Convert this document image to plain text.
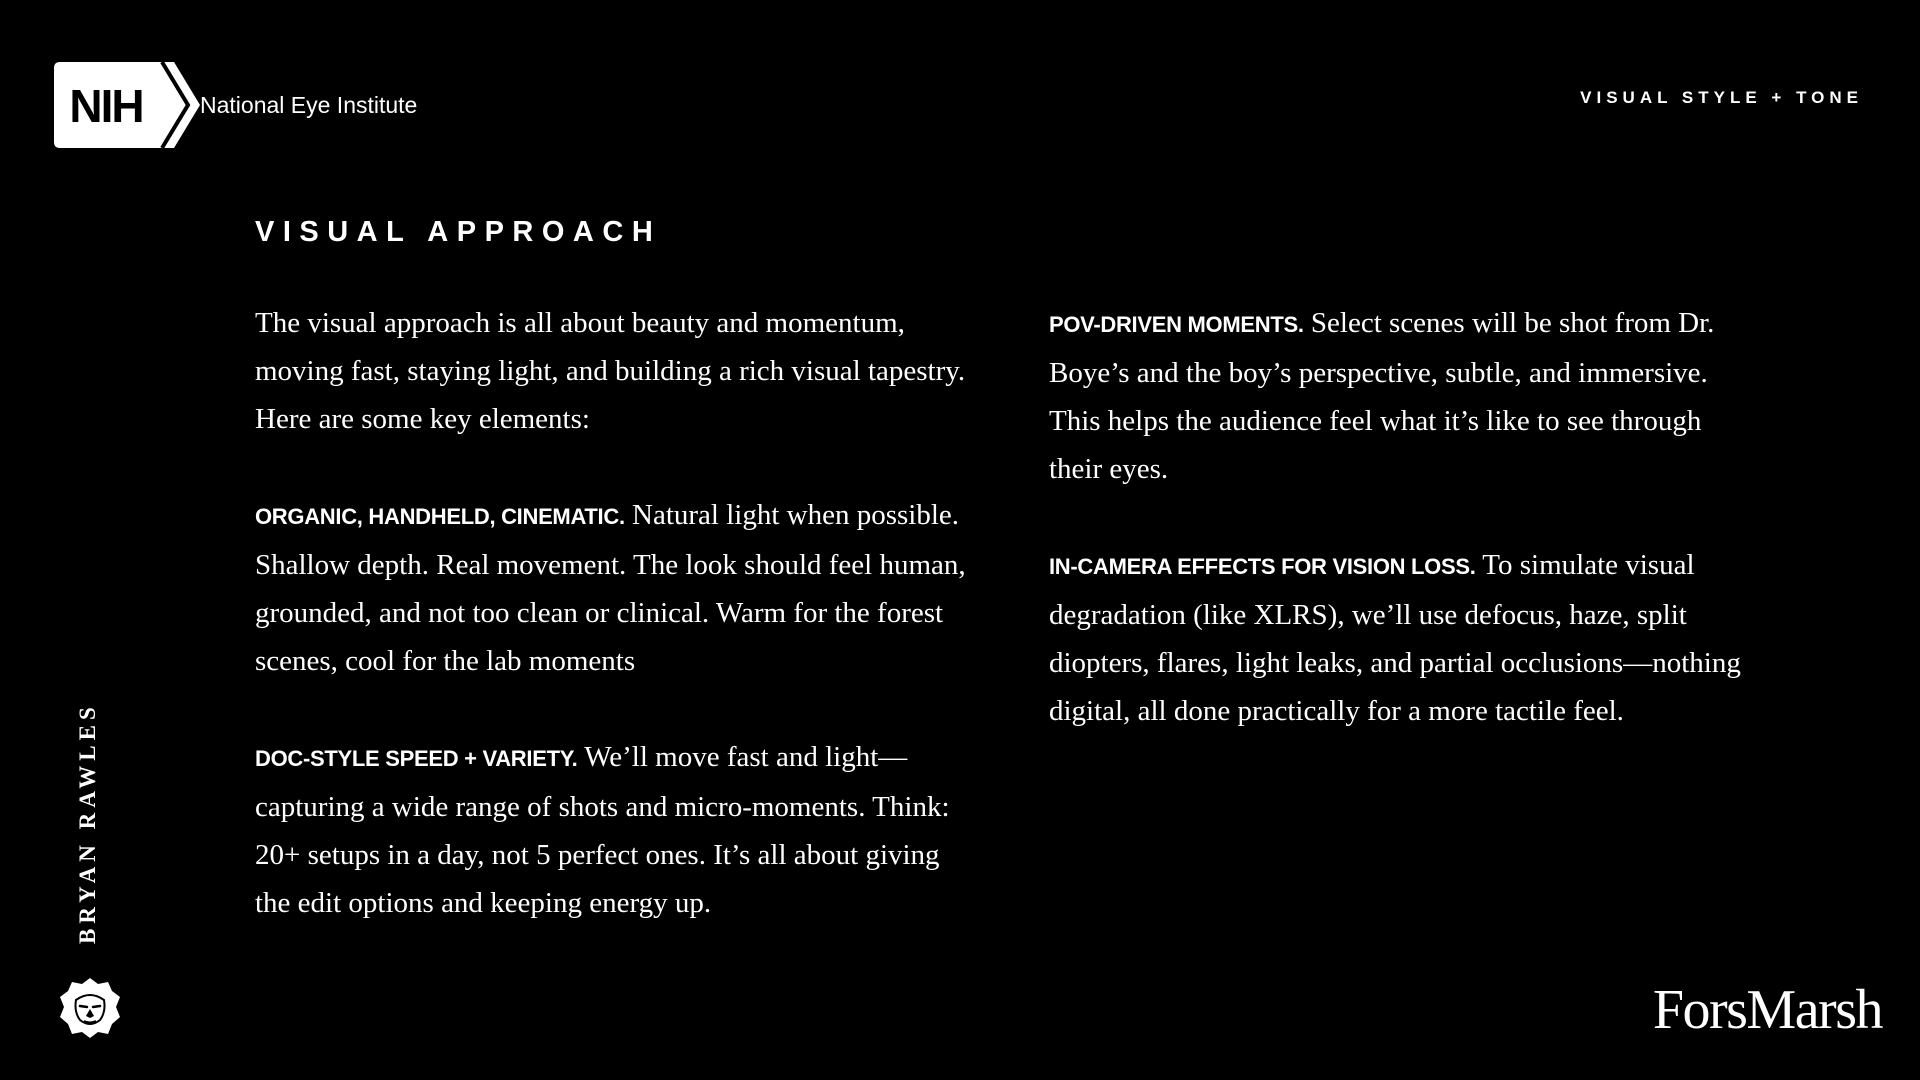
NIH National Eye Institute	VISUAL STYLE + TONE
VISUAL APPROACH

The visual approach is all about beauty and momentum, moving fast, staying light, and building a rich visual tapestry. Here are some key elements:

ORGANIC, HANDHELD, CINEMATIC. Natural light when possible. Shallow depth. Real movement. The look should feel human, grounded, and not too clean or clinical. Warm for the forest scenes, cool for the lab moments

DOC-STYLE SPEED + VARIETY. We’ll move fast and light—capturing a wide range of shots and micro-moments. Think: 20+ setups in a day, not 5 perfect ones. It’s all about giving the edit options and keeping energy up.

POV-DRIVEN MOMENTS. Select scenes will be shot from Dr. Boye’s and the boy’s perspective, subtle, and immersive. This helps the audience feel what it’s like to see through their eyes.

IN-CAMERA EFFECTS FOR VISION LOSS. To simulate visual degradation (like XLRS), we’ll use defocus, haze, split diopters, flares, light leaks, and partial occlusions—nothing digital, all done practically for a more tactile feel.

BRYAN RAWLES
ForsMarsh
